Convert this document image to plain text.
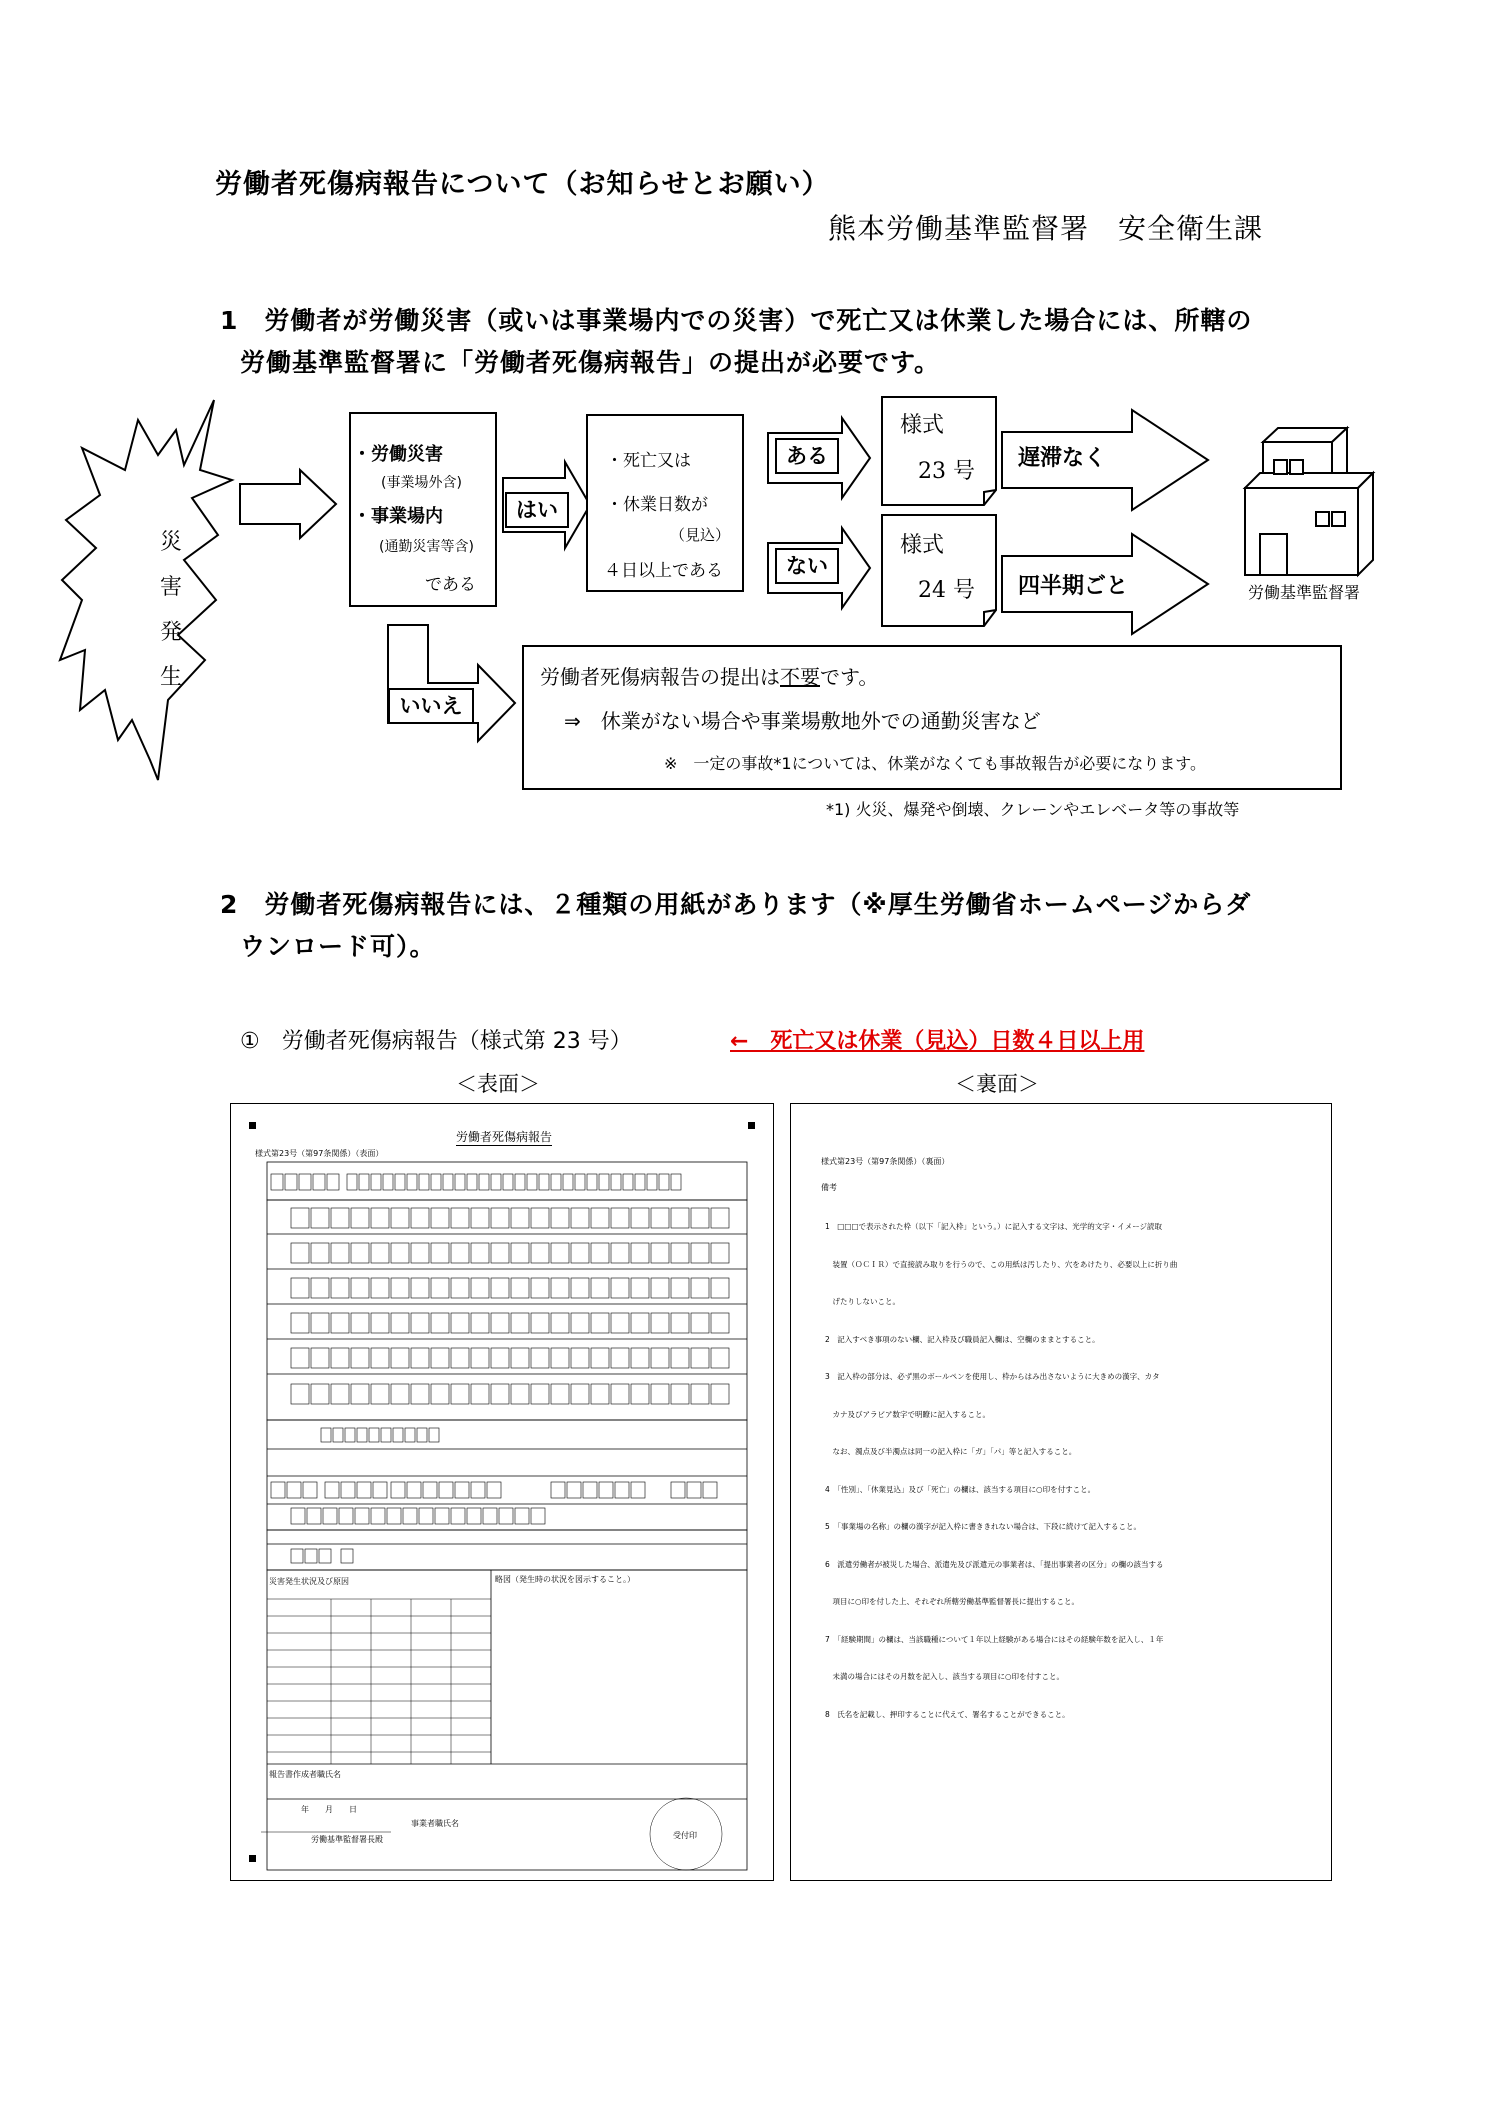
労働者死傷病報告について（お知らせとお願い）
熊本労働基準監督署　安全衛生課
1　労働者が労働災害（或いは事業場内での災害）で死亡又は休業した場合には、所轄の
労働基準監督署に「労働者死傷病報告」の提出が必要です。
災
害
発
生
・労働災害
(事業場外含)
・事業場内
(通勤災害等含)
である
はい
・死亡又は
・休業日数が
（見込）
４日以上である
ある
ない
様式
23 号
様式
24 号
遅滞なく
四半期ごと	労働基準監督署
いいえ
労働者死傷病報告の提出は不要です。
⇒　休業がない場合や事業場敷地外での通勤災害など
※　一定の事故*1については、休業がなくても事故報告が必要になります。
*1) 火災、爆発や倒壊、クレーンやエレベータ等の事故等
2　労働者死傷病報告には、２種類の用紙があります（※厚生労働省ホームページからダ
ウンロード可）。
①　労働者死傷病報告（様式第 23 号）	←　死亡又は休業（見込）日数４日以上用
＜表面＞	＜裏面＞
労働者死傷病報告
様式第23号（第97条関係）（表面）
災害発生状況及び原因	略図（発生時の状況を図示すること。）
報告書作成者職氏名
年　　月　　日
事業者職氏名
労働基準監督署長殿	受付印
様式第23号（第97条関係）（裏面）
備考

1　□□□で表示された枠（以下「記入枠」という。）に記入する文字は、光学的文字・イメージ読取

　装置（ＯＣＩＲ）で直接読み取りを行うので、この用紙は汚したり、穴をあけたり、必要以上に折り曲

　げたりしないこと。

2　記入すべき事項のない欄、記入枠及び職員記入欄は、空欄のままとすること。

3　記入枠の部分は、必ず黒のボールペンを使用し、枠からはみ出さないように大きめの漢字、カタ

　カナ及びアラビア数字で明瞭に記入すること。

　なお、濁点及び半濁点は同一の記入枠に「ガ」「パ」等と記入すること。

4　「性別」、「休業見込」及び「死亡」の欄は、該当する項目に○印を付すこと。

5　「事業場の名称」の欄の漢字が記入枠に書ききれない場合は、下段に続けて記入すること。

6　派遣労働者が被災した場合、派遣先及び派遣元の事業者は、「提出事業者の区分」の欄の該当する

　項目に○印を付した上、それぞれ所轄労働基準監督署長に提出すること。

7　「経験期間」の欄は、当該職種について１年以上経験がある場合にはその経験年数を記入し、１年

　未満の場合にはその月数を記入し、該当する項目に○印を付すこと。

8　氏名を記載し、押印することに代えて、署名することができること。
